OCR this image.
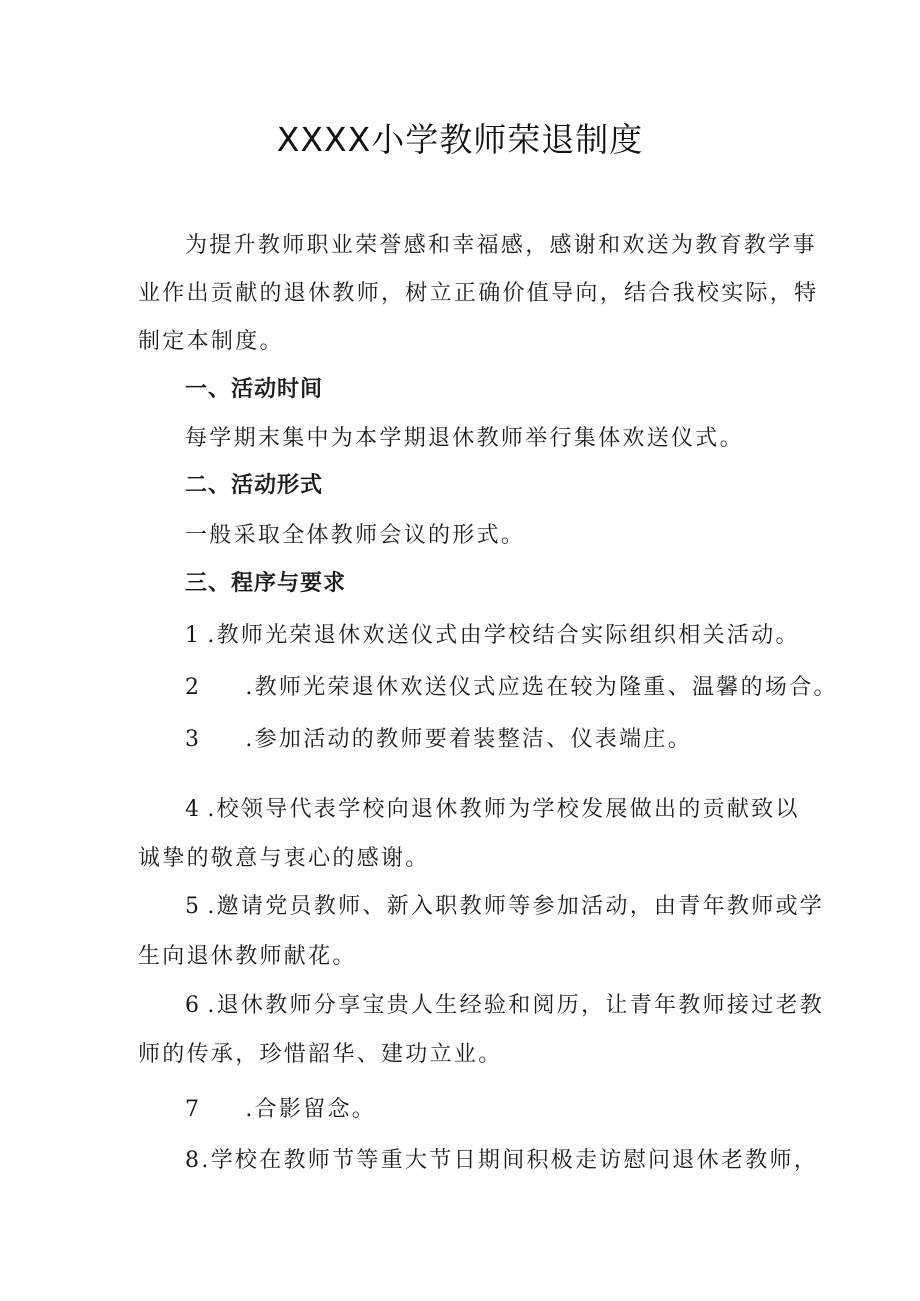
XXXX小学教师荣退制度
为提升教师职业荣誉感和幸福感，感谢和欢送为教育教学事
业作出贡献的退休教师，树立正确价值导向，结合我校实际，特
制定本制度。
一、活动时间
每学期末集中为本学期退休教师举行集体欢送仪式。
二、活动形式
一般采取全体教师会议的形式。
三、程序与要求
1 .教师光荣退休欢送仪式由学校结合实际组织相关活动。
2 .教师光荣退休欢送仪式应选在较为隆重、温馨的场合。
3 .参加活动的教师要着装整洁、仪表端庄。
4 .校领导代表学校向退休教师为学校发展做出的贡献致以
诚挚的敬意与衷心的感谢。
5 .邀请党员教师、新入职教师等参加活动，由青年教师或学
生向退休教师献花。
6 .退休教师分享宝贵人生经验和阅历，让青年教师接过老教
师的传承，珍惜韶华、建功立业。
7 .合影留念。
8.学校在教师节等重大节日期间积极走访慰问退休老教师，
